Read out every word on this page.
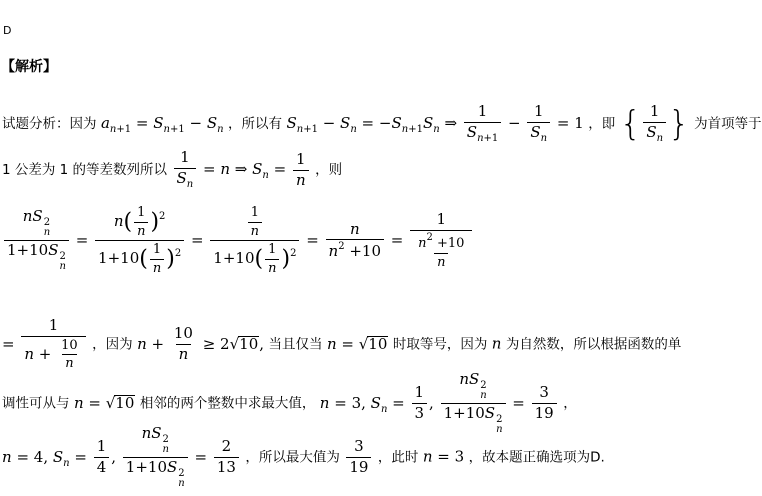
D
【解析】
试题分析：因为 $a_{n+1} = S_{n+1} - S_n$ ，所以有 $S_{n+1} - S_n = -S_{n+1}S_n$ ⇒ $\frac{1}{S_{n+1}} - \frac{1}{S_n} = 1$ ，即 { $\frac{1}{S_n}$ } 为首项等于
1 公差为 1 的等差数列所以 $\frac{1}{S_n} = n$ ⇒ $S_n = \frac{1}{n}$ ，则
nS 2
n
1+10S 2
$n = \frac{n( \frac{1}{n} )^2}{1+10( \frac{1}{n} )^2} = \frac{\frac{1}{n}}{1+10( \frac{1}{n} )^2} = \frac{n}{n^2 +10} = \frac{1}{\frac{n^2 +10}{n}}$
= $\frac{1}{n + \frac{10}{n}}$ ，因为 $n + \frac{10}{n} \ge 2√10$, 当且仅当 n = √10 时取等号，因为 n 为自然数，所以根据函数的单
调性可从与 n = √10 相邻的两个整数中求最大值， n = 3, $S_n = \frac{1}{3}$ , nS 2
n
1+10S 2
$n = \frac{3}{19}$ ，
n = 4, $S_n = \frac{1}{4}$ , nS 2
n
1+10S 2
$n = \frac{2}{13}$ ，所以最大值为 $\frac{3}{19}$ ，此时 n = 3 ，故本题正确选项为D.
